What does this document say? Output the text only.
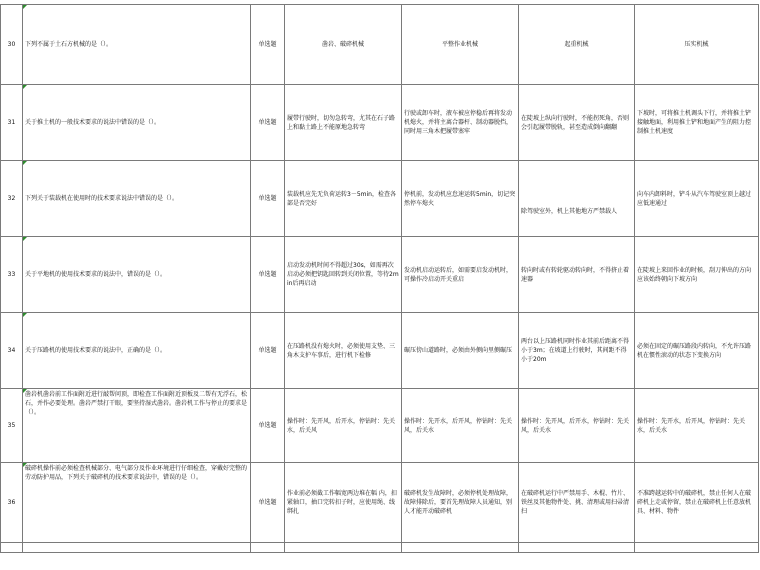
30	下列不属于土石方机械的是（）。	单选题	凿岩、破碎机械	平整作业机械	起重机械	压实机械
31	关于推土机的一般技术要求的说法中错误的是（）。	单选题	履带行驶时，切勿急转弯，尤其在石子路上和黏土路上不能原地急转弯	行驶或卸车时，液车被应停稳后再将发动机熄火，并将主离合器杆、制动器脱挡，同时用三角木把履带塞牢	在陡坡上纵向行驶时，不能拐死角，否则会引起履带脱轨，甚至造成倒向翻翻	下坡时，可将推土机调头下行，并将推土铲接触地面，利用推土铲和地面产生的阻力控制推土机速度
32	下列关于装载机在使用时的技术要求说法中错误的是（）。	单选题	装载机应先无负荷运转3－5min，检查各部是否完好	停机前，发动机应怠速运转5min，切记突然停车熄火	除驾驶室外，机上其他地方严禁载人	向车内卸料时，铲斗从汽车驾驶室顶上越过应低速通过
33	关于平地机的使用技术要求的说法中，错误的是（）。	单选题	启动发动机时间不得超过30s，如需再次启动必须把钥匙回转到关闭位置，等待2min后再启动	发动机启动运转后，如需要启发动机时，可操作冷启动开关重启	转向时或有转轮驱动转向时，不得挤止着速器	在陡坡上来回作业的时候，刮刀伸出的方向应该始终朝向下坡方向
34	关于压路机的使用技术要求的说法中，正确的是（）。	单选题	在压路机没有熄火时，必须使用支垫、三角木支护车事后，进行机下检修	碾压傍山道路时，必须由外侧向里侧碾压	两台以上压路机同时作业其前后距离不得小于3m；在坡道上行驶时，其间距不得小于20m	必须在固定的碾压路段内转向，不允许压路机在惯性滚动的状态下变换方向
35	凿岩机凿岩前工作面附近进行敲帮问顶，即检查工作面附近顶板及二帮有无浮石，松石，并作必要处理。凿岩严禁打干眼，要坚持湿式凿岩。凿岩机工作与停止的要求是（）。	单选题	操作时：先开风，后开水，停钻时：先关水，后关风	操作时：先开水，后开风，停钻时：先关风，后关水	操作时：先开风，后开水，停钻时：先关风，后关水	操作时：先开水，后开风，停钻时：先关水，后关水
36	破碎机操作前必须检查机械部分、电气部分及作业环境进行仔细检查，穿戴好完整的劳动防护用品，下列关于破碎机的技术要求说法中，错误的是（）。	单选题	作业前必须截工作幅宽两边堆在幅 内，扣紧轴口，抽口完转扣子时，应使用绳、线绑扎	破碎机发生故障时，必须停机处理故障，故障排除后，要首先理故障人员通知，别人才能开动破碎机	在破碎机运行中严禁用手、木棍、竹片、铁丝及其他物件处、挑、清理或用扫帚清扫	不准跨越运转中的破碎机，禁止任何人在破碎机上走或停留，禁止在破碎机上任意放机具、材料、物件
